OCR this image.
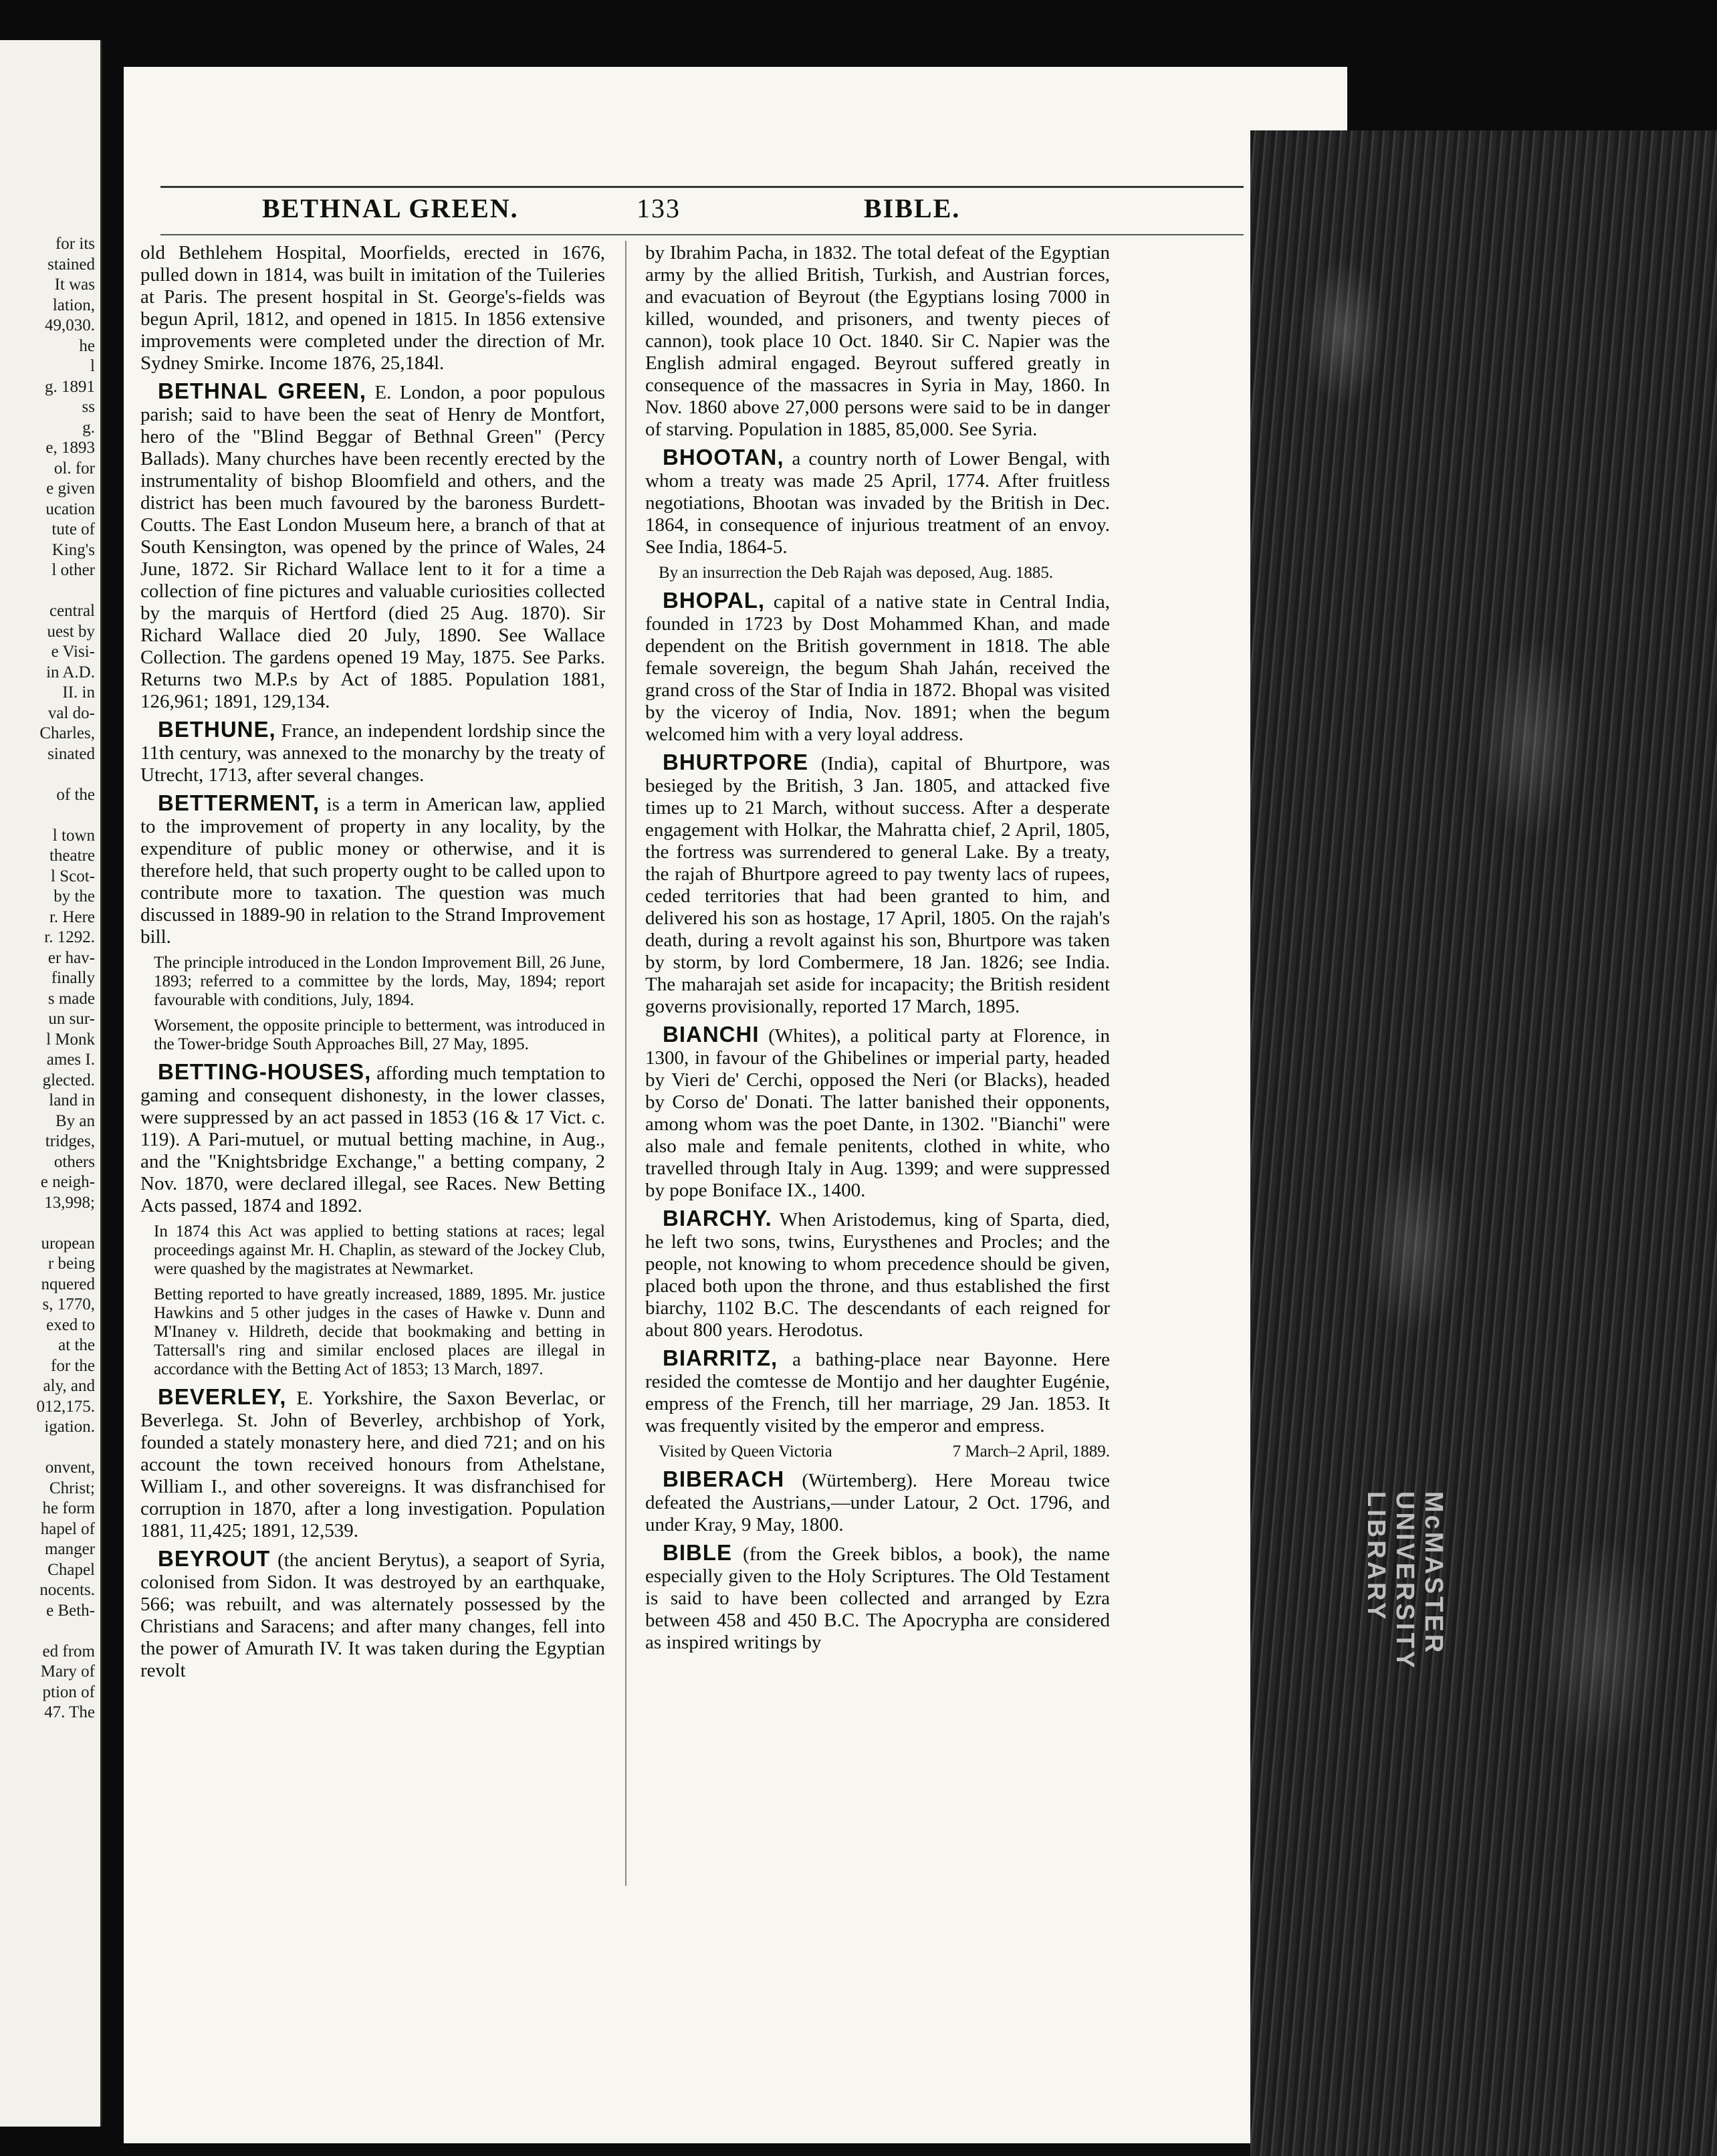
for its
stained
It was
lation,
49,030.
he
l
g. 1891
ss
g.
e, 1893
ol. for
e given
ucation
tute of
King's
l other
central
uest by
e Visi-
in A.D.
II. in
val do-
Charles,
sinated
of the
l town
theatre
l Scot-
by the
r. Here
r. 1292.
er hav-
finally
s made
un sur-
l Monk
ames I.
glected.
land in
By an
tridges,
others
e neigh-
13,998;
uropean
r being
nquered
s, 1770,
exed to
at the
for the
aly, and
012,175.
igation.
onvent,
Christ;
he form
hapel of
manger
Chapel
nocents.
e Beth-
ed from
Mary of
ption of
47. The
McMASTER UNIVERSITY LIBRARY
BETHNAL GREEN.	133	BIBLE.

old Bethlehem Hospital, Moorfields, erected in 1676, pulled down in 1814, was built in imitation of the Tuileries at Paris. The present hospital in St. George's-fields was begun April, 1812, and opened in 1815. In 1856 extensive improvements were completed under the direction of Mr. Sydney Smirke. Income 1876, 25,184l.

BETHNAL GREEN, E. London, a poor populous parish; said to have been the seat of Henry de Montfort, hero of the "Blind Beggar of Bethnal Green" (Percy Ballads). Many churches have been recently erected by the instrumentality of bishop Bloomfield and others, and the district has been much favoured by the baroness Burdett-Coutts. The East London Museum here, a branch of that at South Kensington, was opened by the prince of Wales, 24 June, 1872. Sir Richard Wallace lent to it for a time a collection of fine pictures and valuable curiosities collected by the marquis of Hertford (died 25 Aug. 1870). Sir Richard Wallace died 20 July, 1890. See Wallace Collection. The gardens opened 19 May, 1875. See Parks. Returns two M.P.s by Act of 1885. Population 1881, 126,961; 1891, 129,134.

BETHUNE, France, an independent lordship since the 11th century, was annexed to the monarchy by the treaty of Utrecht, 1713, after several changes.

BETTERMENT, is a term in American law, applied to the improvement of property in any locality, by the expenditure of public money or otherwise, and it is therefore held, that such property ought to be called upon to contribute more to taxation. The question was much discussed in 1889-90 in relation to the Strand Improvement bill.

The principle introduced in the London Improvement Bill, 26 June, 1893; referred to a committee by the lords, May, 1894; report favourable with conditions, July, 1894.

Worsement, the opposite principle to betterment, was introduced in the Tower-bridge South Approaches Bill, 27 May, 1895.

BETTING-HOUSES, affording much temptation to gaming and consequent dishonesty, in the lower classes, were suppressed by an act passed in 1853 (16 & 17 Vict. c. 119). A Pari-mutuel, or mutual betting machine, in Aug., and the "Knightsbridge Exchange," a betting company, 2 Nov. 1870, were declared illegal, see Races. New Betting Acts passed, 1874 and 1892.

In 1874 this Act was applied to betting stations at races; legal proceedings against Mr. H. Chaplin, as steward of the Jockey Club, were quashed by the magistrates at Newmarket.

Betting reported to have greatly increased, 1889, 1895. Mr. justice Hawkins and 5 other judges in the cases of Hawke v. Dunn and M'Inaney v. Hildreth, decide that bookmaking and betting in Tattersall's ring and similar enclosed places are illegal in accordance with the Betting Act of 1853; 13 March, 1897.

BEVERLEY, E. Yorkshire, the Saxon Beverlac, or Beverlega. St. John of Beverley, archbishop of York, founded a stately monastery here, and died 721; and on his account the town received honours from Athelstane, William I., and other sovereigns. It was disfranchised for corruption in 1870, after a long investigation. Population 1881, 11,425; 1891, 12,539.

BEYROUT (the ancient Berytus), a seaport of Syria, colonised from Sidon. It was destroyed by an earthquake, 566; was rebuilt, and was alternately possessed by the Christians and Saracens; and after many changes, fell into the power of Amurath IV. It was taken during the Egyptian revolt

by Ibrahim Pacha, in 1832. The total defeat of the Egyptian army by the allied British, Turkish, and Austrian forces, and evacuation of Beyrout (the Egyptians losing 7000 in killed, wounded, and prisoners, and twenty pieces of cannon), took place 10 Oct. 1840. Sir C. Napier was the English admiral engaged. Beyrout suffered greatly in consequence of the massacres in Syria in May, 1860. In Nov. 1860 above 27,000 persons were said to be in danger of starving. Population in 1885, 85,000. See Syria.

BHOOTAN, a country north of Lower Bengal, with whom a treaty was made 25 April, 1774. After fruitless negotiations, Bhootan was invaded by the British in Dec. 1864, in consequence of injurious treatment of an envoy. See India, 1864-5.

By an insurrection the Deb Rajah was deposed, Aug. 1885.

BHOPAL, capital of a native state in Central India, founded in 1723 by Dost Mohammed Khan, and made dependent on the British government in 1818. The able female sovereign, the begum Shah Jahán, received the grand cross of the Star of India in 1872. Bhopal was visited by the viceroy of India, Nov. 1891; when the begum welcomed him with a very loyal address.

BHURTPORE (India), capital of Bhurtpore, was besieged by the British, 3 Jan. 1805, and attacked five times up to 21 March, without success. After a desperate engagement with Holkar, the Mahratta chief, 2 April, 1805, the fortress was surrendered to general Lake. By a treaty, the rajah of Bhurtpore agreed to pay twenty lacs of rupees, ceded territories that had been granted to him, and delivered his son as hostage, 17 April, 1805. On the rajah's death, during a revolt against his son, Bhurtpore was taken by storm, by lord Combermere, 18 Jan. 1826; see India. The maharajah set aside for incapacity; the British resident governs provisionally, reported 17 March, 1895.

BIANCHI (Whites), a political party at Florence, in 1300, in favour of the Ghibelines or imperial party, headed by Vieri de' Cerchi, opposed the Neri (or Blacks), headed by Corso de' Donati. The latter banished their opponents, among whom was the poet Dante, in 1302. "Bianchi" were also male and female penitents, clothed in white, who travelled through Italy in Aug. 1399; and were suppressed by pope Boniface IX., 1400.

BIARCHY. When Aristodemus, king of Sparta, died, he left two sons, twins, Eurysthenes and Procles; and the people, not knowing to whom precedence should be given, placed both upon the throne, and thus established the first biarchy, 1102 B.C. The descendants of each reigned for about 800 years. Herodotus.

BIARRITZ, a bathing-place near Bayonne. Here resided the comtesse de Montijo and her daughter Eugénie, empress of the French, till her marriage, 29 Jan. 1853. It was frequently visited by the emperor and empress.

Visited by Queen Victoria	7 March–2 April, 1889.

BIBERACH (Würtemberg). Here Moreau twice defeated the Austrians,—under Latour, 2 Oct. 1796, and under Kray, 9 May, 1800.

BIBLE (from the Greek biblos, a book), the name especially given to the Holy Scriptures. The Old Testament is said to have been collected and arranged by Ezra between 458 and 450 B.C. The Apocrypha are considered as inspired writings by
